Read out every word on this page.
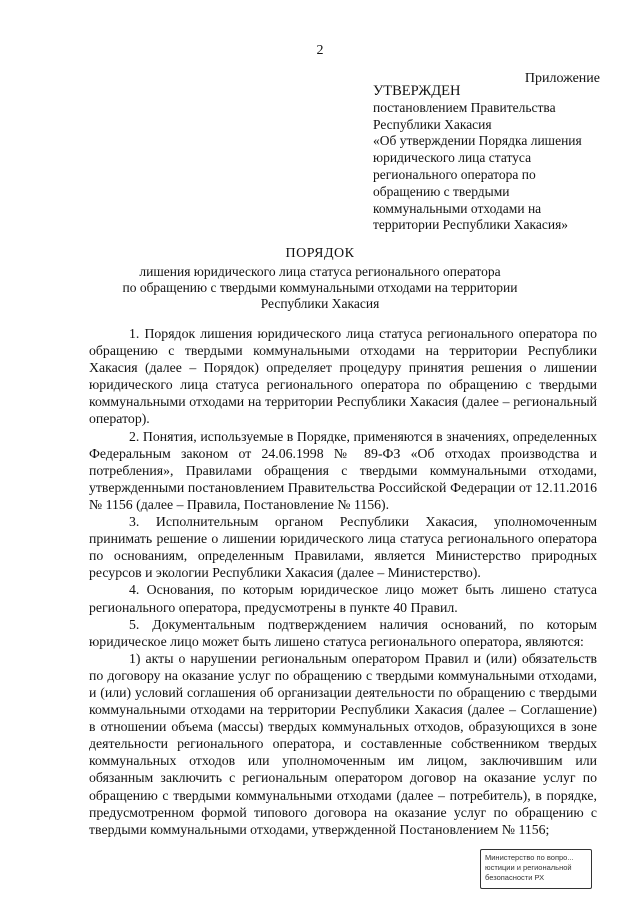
2
Приложение
УТВЕРЖДЕН
постановлением Правительства
Республики Хакасия
«Об утверждении Порядка лишения
юридического лица статуса
регионального оператора по
обращению с твердыми
коммунальными отходами на
территории Республики Хакасия»
ПОРЯДОК
лишения юридического лица статуса регионального оператора
по обращению с твердыми коммунальными отходами на территории
Республики Хакасия

1. Порядок лишения юридического лица статуса регионального оператора по обращению с твердыми коммунальными отходами на территории Республики Хакасия (далее – Порядок) определяет процедуру принятия решения о лишении юридического лица статуса регионального оператора по обращению с твердыми коммунальными отходами на территории Республики Хакасия (далее – региональный оператор).

2. Понятия, используемые в Порядке, применяются в значениях, определенных Федеральным законом от 24.06.1998 № 89-ФЗ «Об отходах производства и потребления», Правилами обращения с твердыми коммунальными отходами, утвержденными постановлением Правительства Российской Федерации от 12.11.2016 № 1156 (далее – Правила, Постановление № 1156).

3. Исполнительным органом Республики Хакасия, уполномоченным принимать решение о лишении юридического лица статуса регионального оператора по основаниям, определенным Правилами, является Министерство природных ресурсов и экологии Республики Хакасия (далее – Министерство).

4. Основания, по которым юридическое лицо может быть лишено статуса регионального оператора, предусмотрены в пункте 40 Правил.

5. Документальным подтверждением наличия оснований, по которым юридическое лицо может быть лишено статуса регионального оператора, являются:

1) акты о нарушении региональным оператором Правил и (или) обязательств по договору на оказание услуг по обращению с твердыми коммунальными отходами, и (или) условий соглашения об организации деятельности по обращению с твердыми коммунальными отходами на территории Республики Хакасия (далее – Соглашение) в отношении объема (массы) твердых коммунальных отходов, образующихся в зоне деятельности регионального оператора, и составленные собственником твердых коммунальных отходов или уполномоченным им лицом, заключившим или обязанным заключить с региональным оператором договор на оказание услуг по обращению с твердыми коммунальными отходами (далее – потребитель), в порядке, предусмотренном формой типового договора на оказание услуг по обращению с твердыми коммунальными отходами, утвержденной Постановлением № 1156;

Министерство по вопро...
юстиции и региональной
безопасности РХ
